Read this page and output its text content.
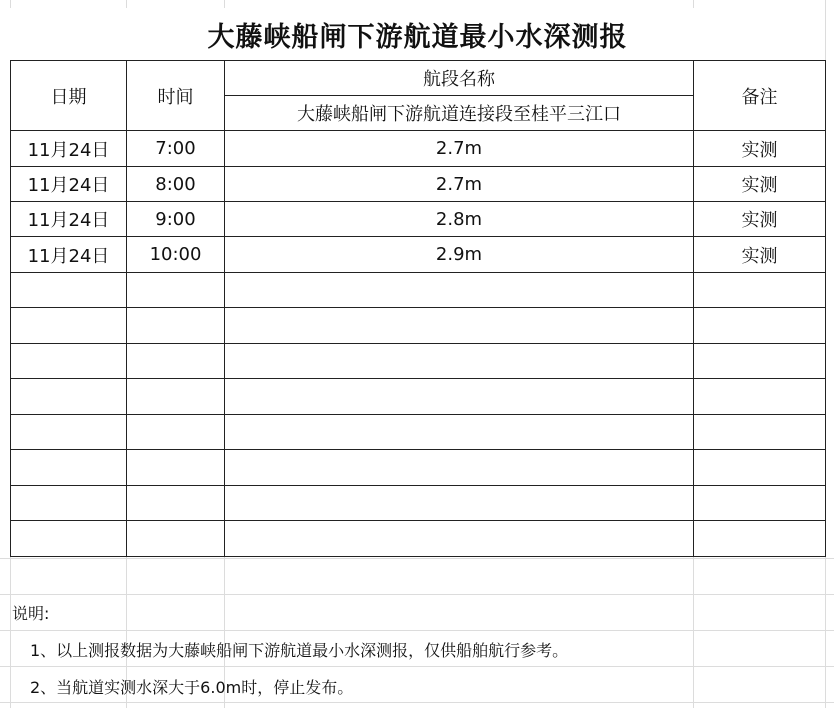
大藤峡船闸下游航道最小水深测报
日期	时间	航段名称	备注
		大藤峡船闸下游航道连接段至桂平三江口	
11月24日	7:00	2.7m	实测
11月24日	8:00	2.7m	实测
11月24日	9:00	2.8m	实测
11月24日	10:00	2.9m	实测

说明:
1、以上测报数据为大藤峡船闸下游航道最小水深测报，仅供船舶航行参考。
2、当航道实测水深大于6.0m时，停止发布。
